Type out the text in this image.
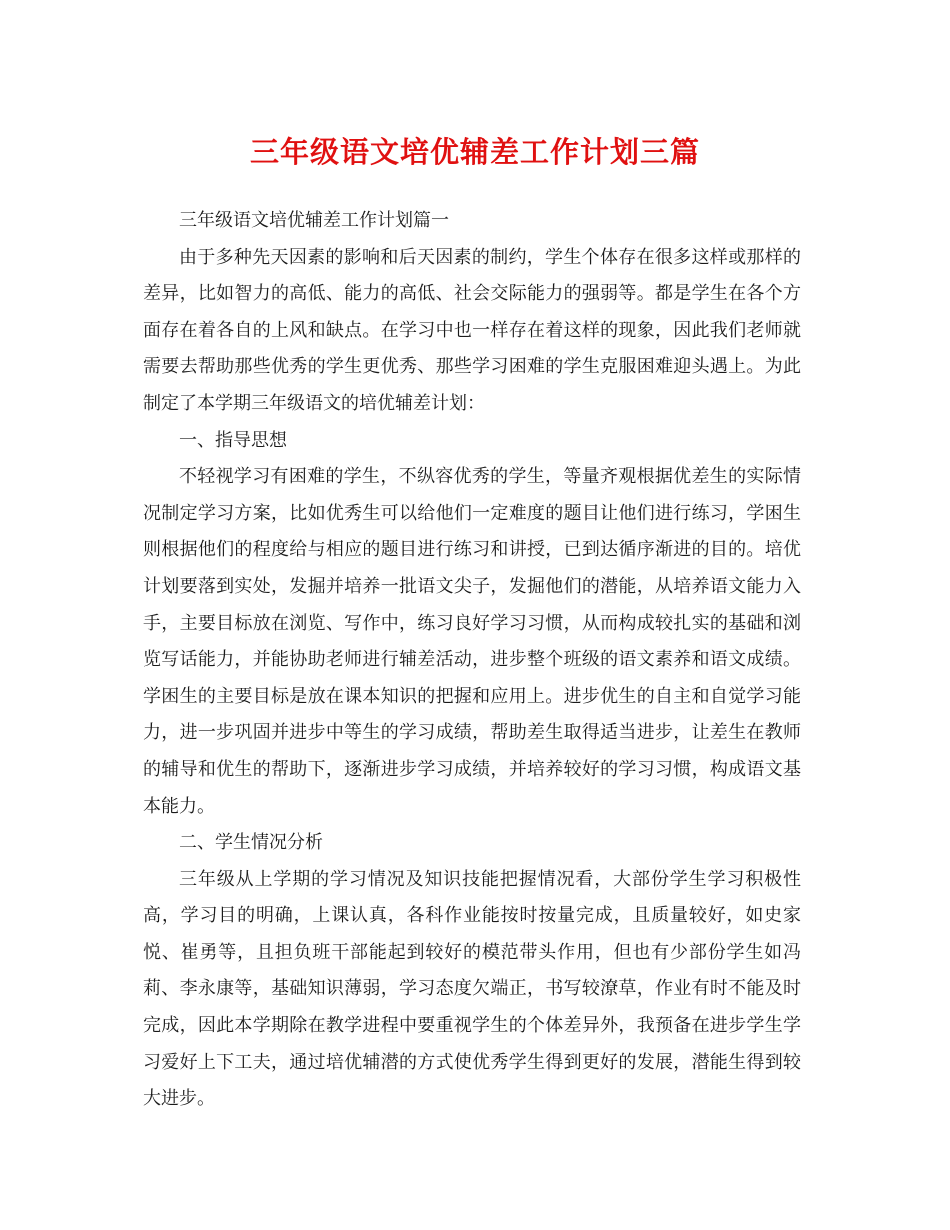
三年级语文培优辅差工作计划三篇

三年级语文培优辅差工作计划篇一

由于多种先天因素的影响和后天因素的制约，学生个体存在很多这样或那样的差异，比如智力的高低、能力的高低、社会交际能力的强弱等。都是学生在各个方面存在着各自的上风和缺点。在学习中也一样存在着这样的现象，因此我们老师就需要去帮助那些优秀的学生更优秀、那些学习困难的学生克服困难迎头遇上。为此制定了本学期三年级语文的培优辅差计划：

一、指导思想

不轻视学习有困难的学生，不纵容优秀的学生，等量齐观根据优差生的实际情况制定学习方案，比如优秀生可以给他们一定难度的题目让他们进行练习，学困生则根据他们的程度给与相应的题目进行练习和讲授，已到达循序渐进的目的。培优计划要落到实处，发掘并培养一批语文尖子，发掘他们的潜能，从培养语文能力入手，主要目标放在浏览、写作中，练习良好学习习惯，从而构成较扎实的基础和浏览写话能力，并能协助老师进行辅差活动，进步整个班级的语文素养和语文成绩。学困生的主要目标是放在课本知识的把握和应用上。进步优生的自主和自觉学习能力，进一步巩固并进步中等生的学习成绩，帮助差生取得适当进步，让差生在教师的辅导和优生的帮助下，逐渐进步学习成绩，并培养较好的学习习惯，构成语文基本能力。

二、学生情况分析

三年级从上学期的学习情况及知识技能把握情况看，大部份学生学习积极性高，学习目的明确，上课认真，各科作业能按时按量完成，且质量较好，如史家悦、崔勇等，且担负班干部能起到较好的模范带头作用，但也有少部份学生如冯莉、李永康等，基础知识薄弱，学习态度欠端正，书写较潦草，作业有时不能及时完成，因此本学期除在教学进程中要重视学生的个体差异外，我预备在进步学生学习爱好上下工夫，通过培优辅潜的方式使优秀学生得到更好的发展，潜能生得到较大进步。
